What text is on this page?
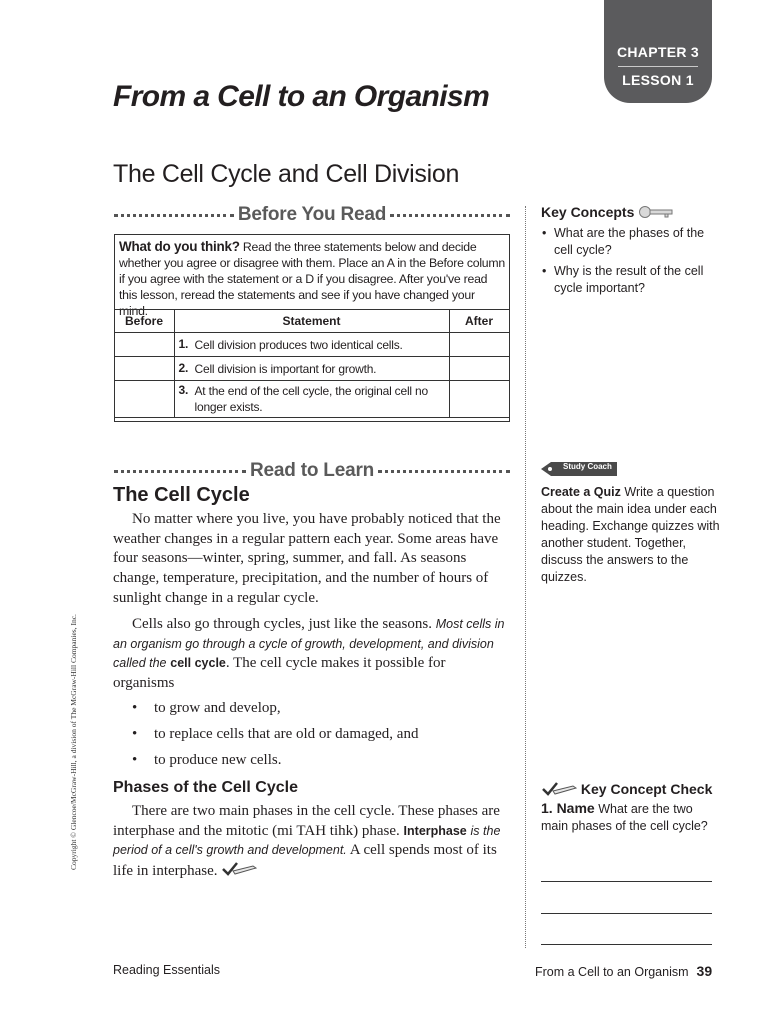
CHAPTER 3
LESSON 1
From a Cell to an Organism
The Cell Cycle and Cell Division
Before You Read
What do you think? Read the three statements below and decide whether you agree or disagree with them. Place an A in the Before column if you agree with the statement or a D if you disagree. After you've read this lesson, reread the statements and see if you have changed your mind.
Before	Statement	After
	1. Cell division produces two identical cells.	
	2. Cell division is important for growth.	
	3. At the end of the cell cycle, the original cell no longer exists.	
Read to Learn
The Cell Cycle
No matter where you live, you have probably noticed that the weather changes in a regular pattern each year. Some areas have four seasons—winter, spring, summer, and fall. As seasons change, temperature, precipitation, and the number of hours of sunlight change in a regular cycle.
Cells also go through cycles, just like the seasons. Most cells in an organism go through a cycle of growth, development, and division called the cell cycle. The cell cycle makes it possible for organisms
• to grow and develop,
• to replace cells that are old or damaged, and
• to produce new cells.
Phases of the Cell Cycle
There are two main phases in the cell cycle. These phases are interphase and the mitotic (mi TAH tihk) phase. Interphase is the period of a cell's growth and development. A cell spends most of its life in interphase.
Key Concepts
• What are the phases of the cell cycle?
• Why is the result of the cell cycle important?
Study Coach
Create a Quiz Write a question about the main idea under each heading. Exchange quizzes with another student. Together, discuss the answers to the quizzes.
Key Concept Check
1. Name What are the two main phases of the cell cycle?
Reading Essentials	From a Cell to an Organism 39
Copyright © Glencoe/McGraw-Hill, a division of The McGraw-Hill Companies, Inc.
